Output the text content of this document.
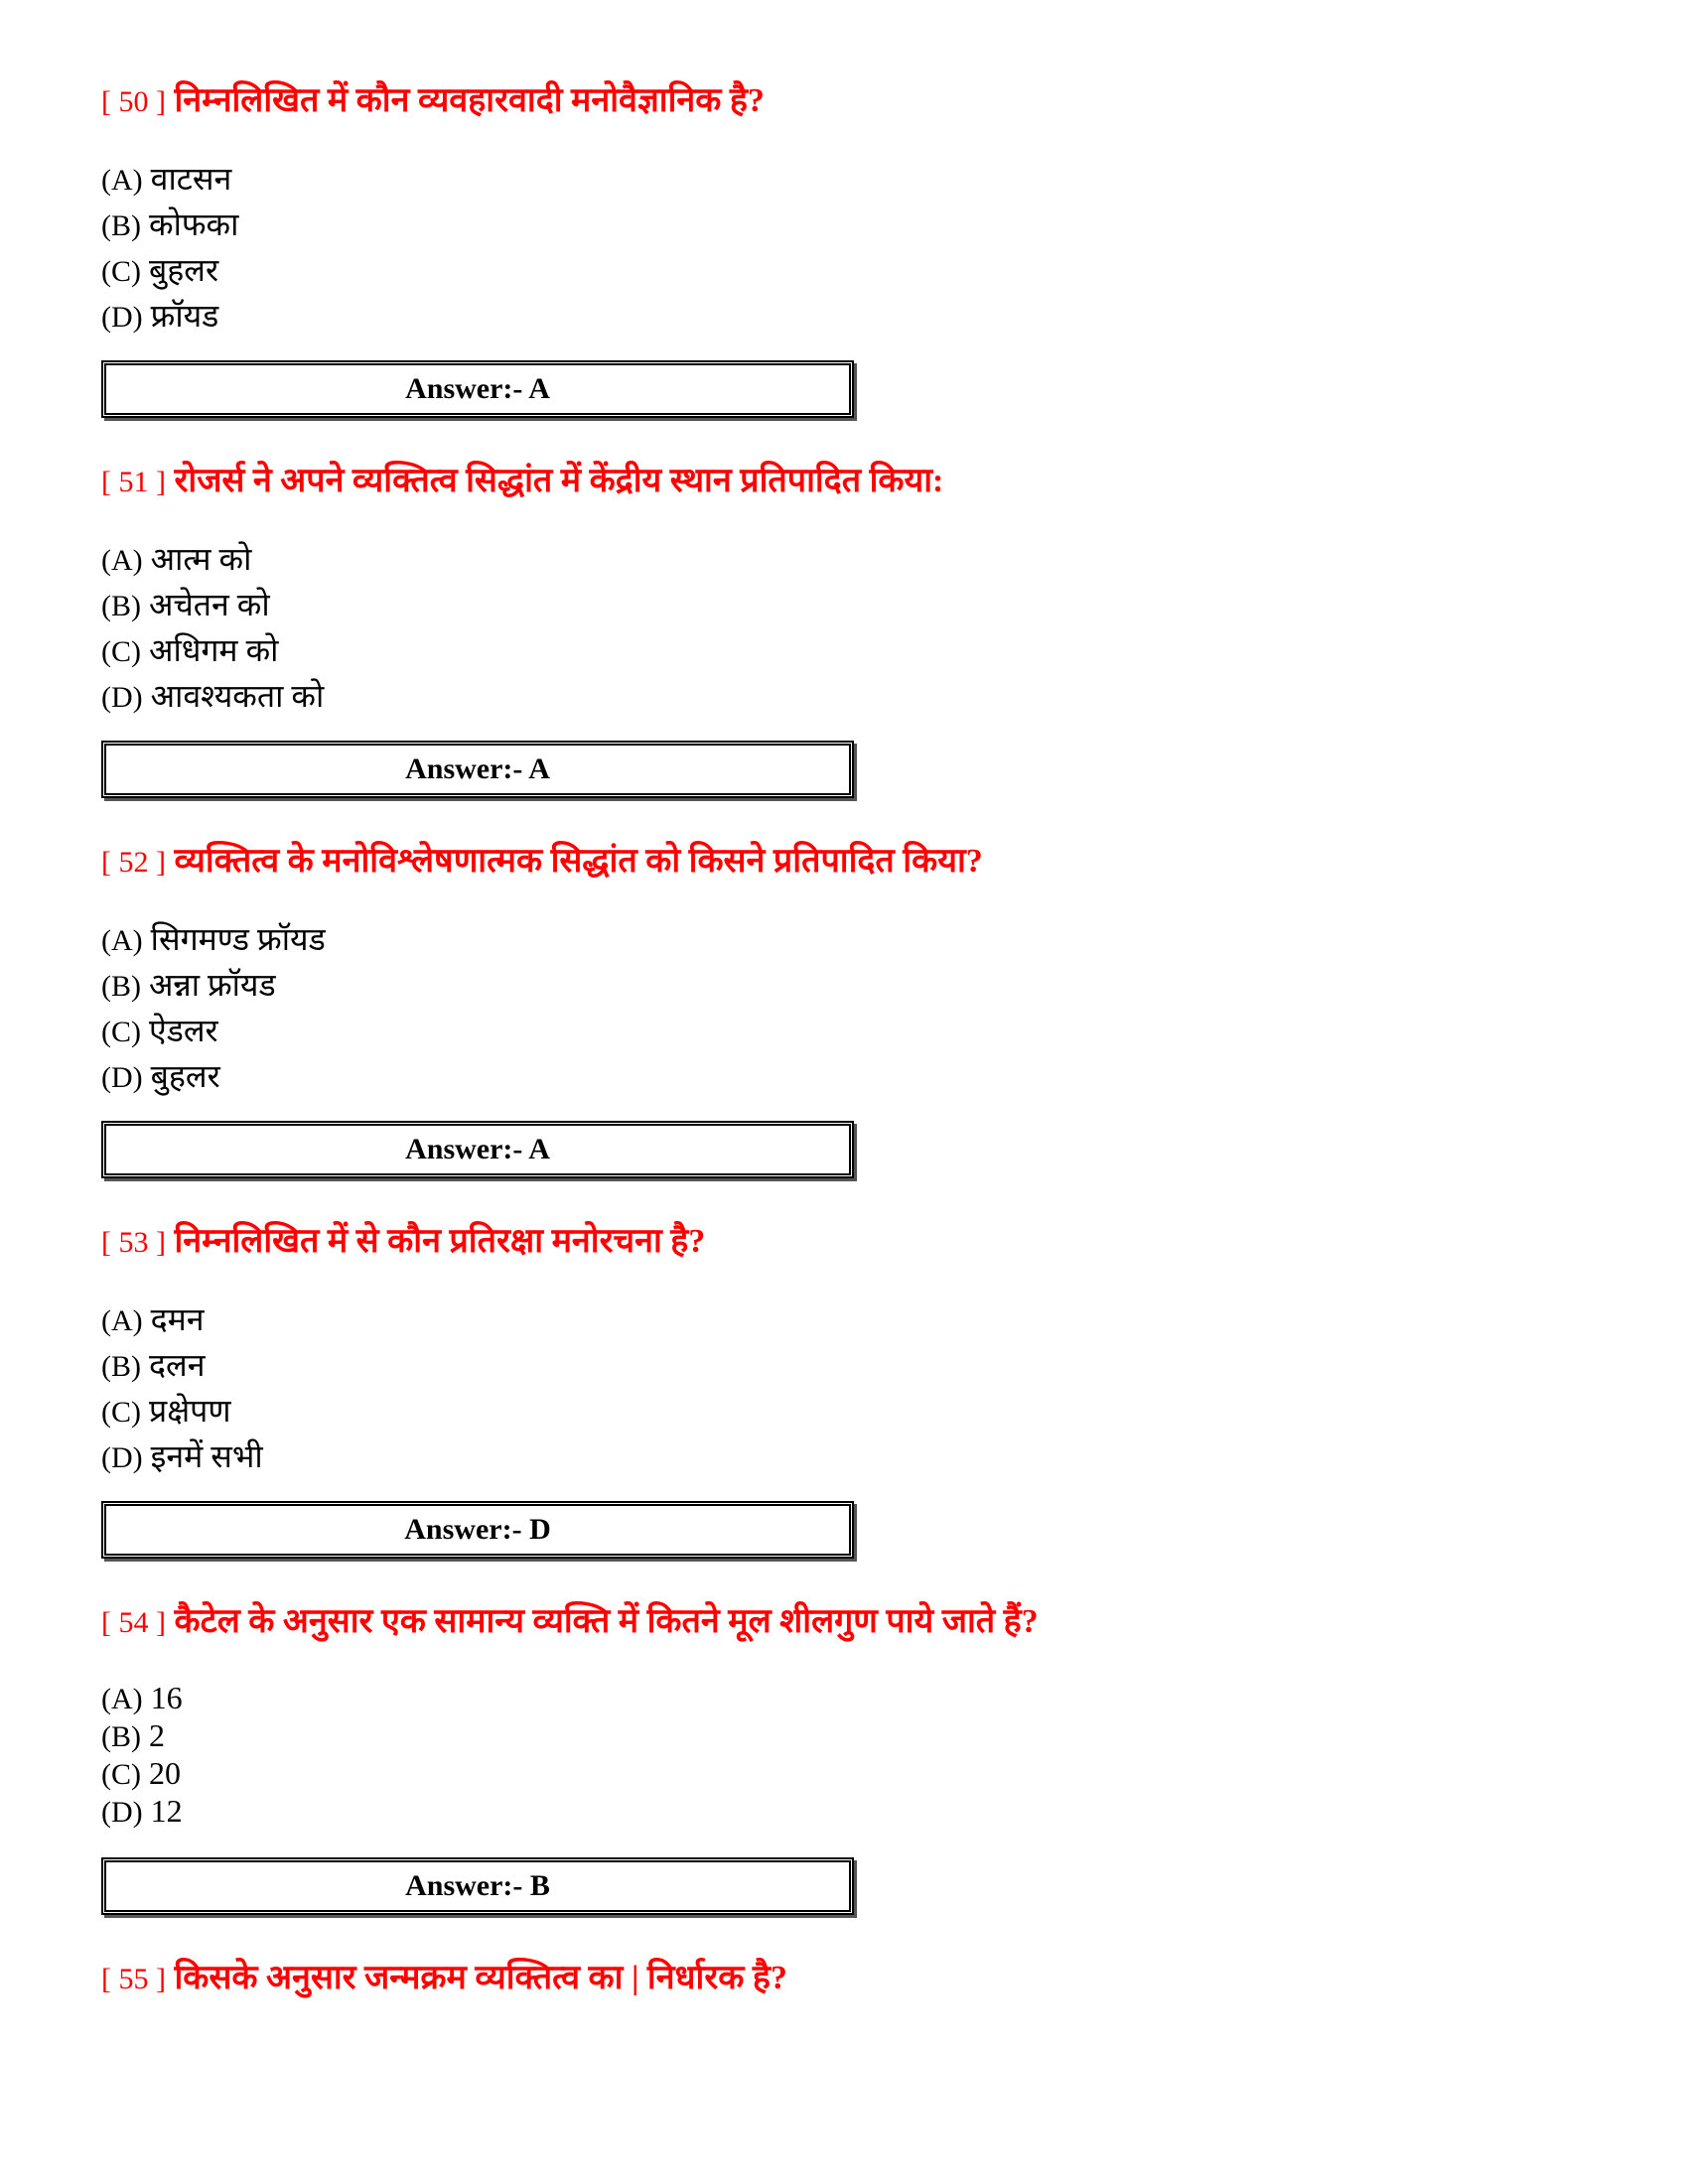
[ 50 ] निम्नलिखित में कौन व्यवहारवादी मनोवैज्ञानिक है?
(A) वाटसन
(B) कोफका
(C) बुहलर
(D) फ्रॉयड
Answer:- A
[ 51 ] रोजर्स ने अपने व्यक्तित्व सिद्धांत में केंद्रीय स्थान प्रतिपादित किया:
(A) आत्म को
(B) अचेतन को
(C) अधिगम को
(D) आवश्यकता को
Answer:- A
[ 52 ] व्यक्तित्व के मनोविश्लेषणात्मक सिद्धांत को किसने प्रतिपादित किया?
(A) सिगमण्ड फ्रॉयड
(B) अन्ना फ्रॉयड
(C) ऐडलर
(D) बुहलर
Answer:- A
[ 53 ] निम्नलिखित में से कौन प्रतिरक्षा मनोरचना है?
(A) दमन
(B) दलन
(C) प्रक्षेपण
(D) इनमें सभी
Answer:- D
[ 54 ] कैटेल के अनुसार एक सामान्य व्यक्ति में कितने मूल शीलगुण पाये जाते हैं?
(A) 16
(B) 2
(C) 20
(D) 12
Answer:- B
[ 55 ] किसके अनुसार जन्मक्रम व्यक्तित्व का | निर्धारक है?
